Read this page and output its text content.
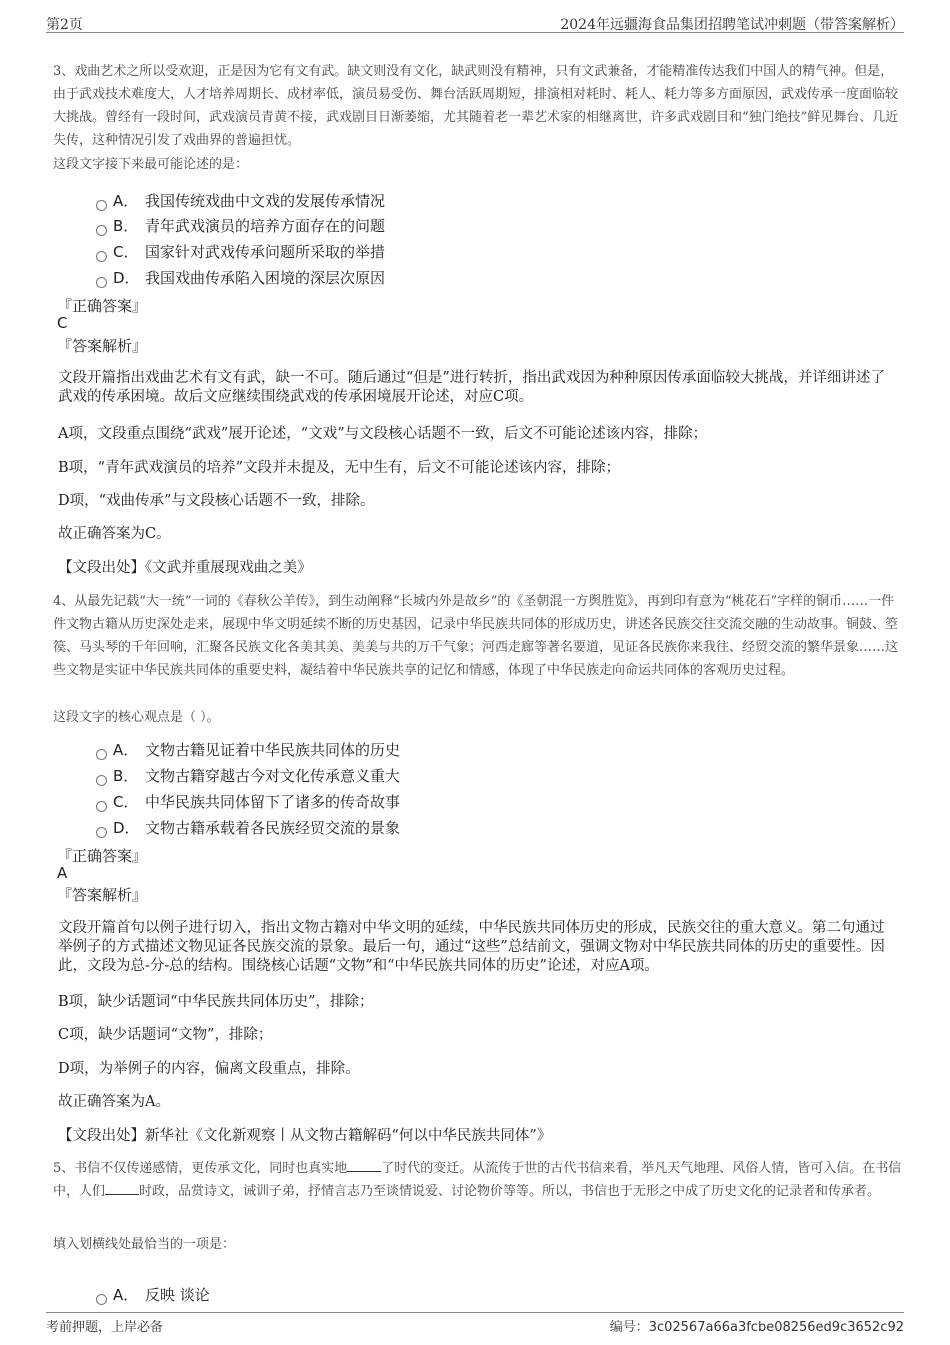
第2页	2024年远疆海食品集团招聘笔试冲刺题（带答案解析）
3、戏曲艺术之所以受欢迎，正是因为它有文有武。缺文则没有文化，缺武则没有精神，只有文武兼备，才能精准传达我们中国人的精气神。但是，由于武戏技术难度大，人才培养周期长、成材率低，演员易受伤、舞台活跃周期短，排演相对耗时、耗人、耗力等多方面原因，武戏传承一度面临较大挑战。曾经有一段时间，武戏演员青黄不接，武戏剧目日渐萎缩，尤其随着老一辈艺术家的相继离世，许多武戏剧目和“独门绝技”鲜见舞台、几近失传，这种情况引发了戏曲界的普遍担忧。
这段文字接下来最可能论述的是：
A． 我国传统戏曲中文戏的发展传承情况
B． 青年武戏演员的培养方面存在的问题
C． 国家针对武戏传承问题所采取的举措
D． 我国戏曲传承陷入困境的深层次原因
『正确答案』
C
『答案解析』
文段开篇指出戏曲艺术有文有武，缺一不可。随后通过“但是”进行转折，指出武戏因为种种原因传承面临较大挑战，并详细讲述了武戏的传承困境。故后文应继续围绕武戏的传承困境展开论述，对应C项。
A项，文段重点围绕“武戏”展开论述，“文戏”与文段核心话题不一致，后文不可能论述该内容，排除；
B项，“青年武戏演员的培养”文段并未提及，无中生有，后文不可能论述该内容，排除；
D项，“戏曲传承”与文段核心话题不一致，排除。
故正确答案为C。
【文段出处】《文武并重展现戏曲之美》
4、从最先记载“大一统”一词的《春秋公羊传》，到生动阐释“长城内外是故乡”的《圣朝混一方舆胜览》，再到印有意为“桃花石”字样的铜币……一件件文物古籍从历史深处走来，展现中华文明延续不断的历史基因，记录中华民族共同体的形成历史，讲述各民族交往交流交融的生动故事。铜鼓、箜篌、马头琴的千年回响，汇聚各民族文化各美其美、美美与共的万千气象；河西走廊等著名要道，见证各民族你来我往、经贸交流的繁华景象……这些文物是实证中华民族共同体的重要史料，凝结着中华民族共享的记忆和情感，体现了中华民族走向命运共同体的客观历史过程。
这段文字的核心观点是（ ）。
A． 文物古籍见证着中华民族共同体的历史
B． 文物古籍穿越古今对文化传承意义重大
C． 中华民族共同体留下了诸多的传奇故事
D． 文物古籍承载着各民族经贸交流的景象
『正确答案』
A
『答案解析』
文段开篇首句以例子进行切入，指出文物古籍对中华文明的延续，中华民族共同体历史的形成，民族交往的重大意义。第二句通过举例子的方式描述文物见证各民族交流的景象。最后一句，通过“这些”总结前文，强调文物对中华民族共同体的历史的重要性。因此，文段为总-分-总的结构。围绕核心话题“文物”和“中华民族共同体的历史”论述，对应A项。
B项，缺少话题词“中华民族共同体历史”，排除；
C项，缺少话题词“文物”，排除；
D项，为举例子的内容，偏离文段重点，排除。
故正确答案为A。
【文段出处】新华社《文化新观察丨从文物古籍解码“何以中华民族共同体”》
5、书信不仅传递感情，更传承文化，同时也真实地	了时代的变迁。从流传于世的古代书信来看，举凡天气地理、风俗人情，皆可入信。在书信中，人们	时政，品赏诗文，诫训子弟，抒情言志乃至谈情说爱、讨论物价等等。所以，书信也于无形之中成了历史文化的记录者和传承者。
填入划横线处最恰当的一项是：
A． 反映 谈论
考前押题，上岸必备	编号：3c02567a66a3fcbe08256ed9c3652c92
